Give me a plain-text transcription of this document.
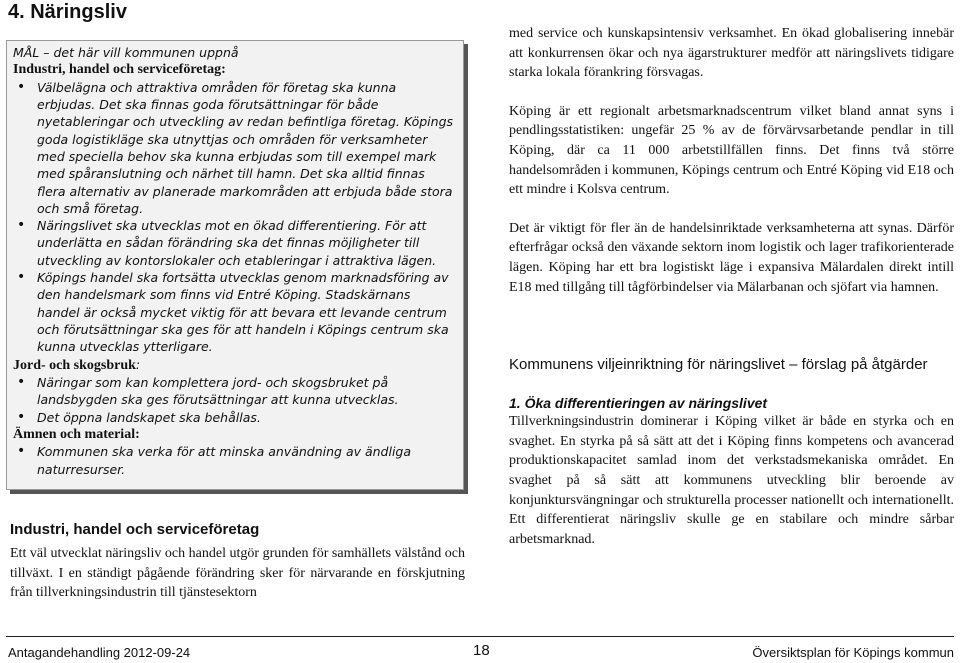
4. Näringsliv
MÅL – det här vill kommunen uppnå
Industri, handel och serviceföretag:
• Välbelägna och attraktiva områden för företag ska kunna erbjudas. Det ska finnas goda förutsättningar för både nyetableringar och utveckling av redan befintliga företag. Köpings goda logistikläge ska utnyttjas och områden för verksamheter med speciella behov ska kunna erbjudas som till exempel mark med spåranslutning och närhet till hamn. Det ska alltid finnas flera alternativ av planerade markområden att erbjuda både stora och små företag.
• Näringslivet ska utvecklas mot en ökad differentiering. För att underlätta en sådan förändring ska det finnas möjligheter till utveckling av kontorslokaler och etableringar i attraktiva lägen.
• Köpings handel ska fortsätta utvecklas genom marknadsföring av den handelsmark som finns vid Entré Köping. Stadskärnans handel är också mycket viktig för att bevara ett levande centrum och förutsättningar ska ges för att handeln i Köpings centrum ska kunna utvecklas ytterligare.
Jord- och skogsbruk:
• Näringar som kan komplettera jord- och skogsbruket på landsbygden ska ges förutsättningar att kunna utvecklas.
• Det öppna landskapet ska behållas.
Ämnen och material:
• Kommunen ska verka för att minska användning av ändliga naturresurser.
Industri, handel och serviceföretag

Ett väl utvecklat näringsliv och handel utgör grunden för samhällets välstånd och tillväxt. I en ständigt pågående förändring sker för närvarande en förskjutning från tillverkningsindustrin till tjänstesektorn

med service och kunskapsintensiv verksamhet. En ökad globalisering innebär att konkurrensen ökar och nya ägarstrukturer medför att näringslivets tidigare starka lokala förankring försvagas.

Köping är ett regionalt arbetsmarknadscentrum vilket bland annat syns i pendlingsstatistiken: ungefär 25 % av de förvärvsarbetande pendlar in till Köping, där ca 11 000 arbetstillfällen finns. Det finns två större handelsområden i kommunen, Köpings centrum och Entré Köping vid E18 och ett mindre i Kolsva centrum.

Det är viktigt för fler än de handelsinriktade verksamheterna att synas. Därför efterfrågar också den växande sektorn inom logistik och lager trafikorienterade lägen. Köping har ett bra logistiskt läge i expansiva Mälardalen direkt intill E18 med tillgång till tågförbindelser via Mälarbanan och sjöfart via hamnen.

Kommunens viljeinriktning för näringslivet – förslag på åtgärder
1. Öka differentieringen av näringslivet

Tillverkningsindustrin dominerar i Köping vilket är både en styrka och en svaghet. En styrka på så sätt att det i Köping finns kompetens och avancerad produktionskapacitet samlad inom det verkstadsmekaniska området. En svaghet på så sätt att kommunens utveckling blir beroende av konjunktursvängningar och strukturella processer nationellt och internationellt. Ett differentierat näringsliv skulle ge en stabilare och mindre sårbar arbetsmarknad.

Antagandehandling 2012-09-24	18	Översiktsplan för Köpings kommun
